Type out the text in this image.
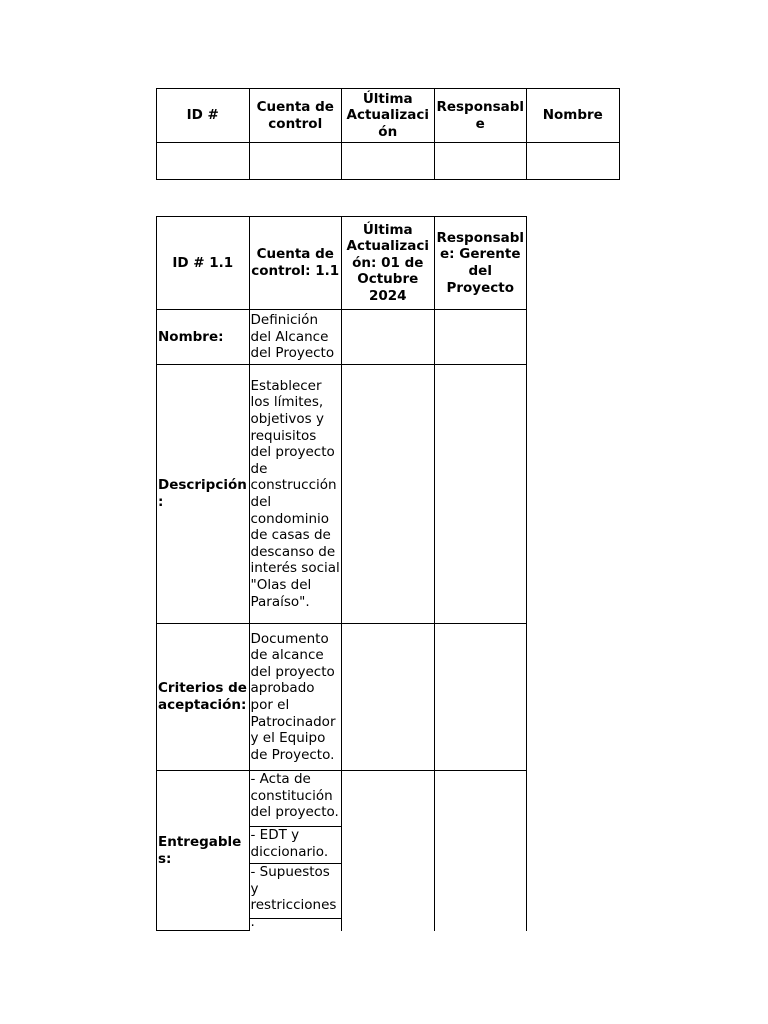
ID #	Cuenta de control	Última Actualización	Responsable	Nombre

ID # 1.1	Cuenta de control: 1.1	Última Actualización: 01 de Octubre 2024	Responsable: Gerente del Proyecto
Nombre:	Definición del Alcance del Proyecto		
Descripción:	Establecer los límites, objetivos y requisitos del proyecto de construcción del condominio de casas de descanso de interés social "Olas del Paraíso".		
Criterios de aceptación:	Documento de alcance del proyecto aprobado por el Patrocinador y el Equipo de Proyecto.		
Entregables:	- Acta de constitución del proyecto.
- EDT y diccionario.
- Supuestos y restricciones.		
